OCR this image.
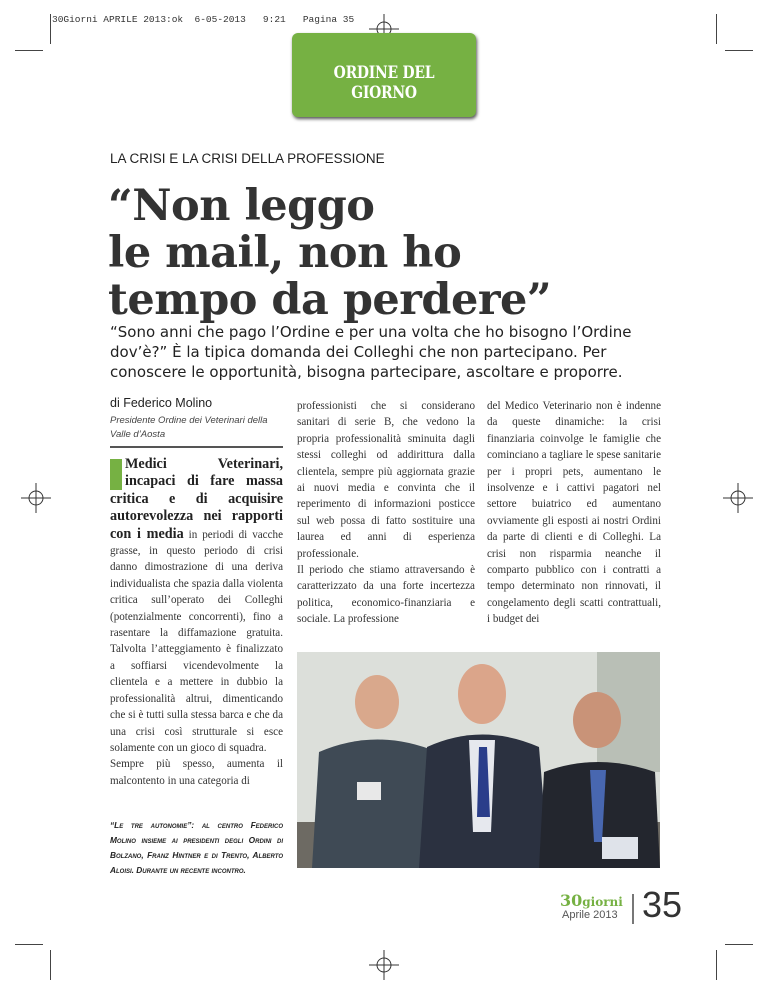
30Giorni APRILE 2013:ok  6-05-2013   9:21   Pagina 35
ORDINE DEL GIORNO
LA CRISI E LA CRISI DELLA PROFESSIONE
“Non leggo
le mail, non ho
tempo da perdere”
“Sono anni che pago l’Ordine e per una volta che ho bisogno l’Ordine dov’è?” È la tipica domanda dei Colleghi che non partecipano. Per conoscere le opportunità, bisogna partecipare, ascoltare e proporre.
di Federico Molino
Presidente Ordine dei Veterinari della Valle d’Aosta

Medici Veterinari, incapaci di fare massa critica e di acquisire autorevolezza nei rapporti con i media in periodi di vacche grasse, in questo periodo di crisi danno dimostrazione di una deriva individualista che spazia dalla violenta critica sull’operato dei Colleghi (potenzialmente concorrenti), fino a rasentare la diffamazione gratuita. Talvolta l’atteggiamento è finalizzato a soffiarsi vicendevolmente la clientela e a mettere in dubbio la professionalità altrui, dimenticando che si è tutti sulla stessa barca e che da una crisi così strutturale si esce solamente con un gioco di squadra.

Sempre più spesso, aumenta il malcontento in una categoria di

professionisti che si considerano sanitari di serie B, che vedono la propria professionalità sminuita dagli stessi colleghi od addirittura dalla clientela, sempre più aggiornata grazie ai nuovi media e convinta che il reperimento di informazioni posticce sul web possa di fatto sostituire una laurea ed anni di esperienza professionale.

Il periodo che stiamo attraversando è caratterizzato da una forte incertezza politica, economico-finanziaria e sociale. La professione

del Medico Veterinario non è indenne da queste dinamiche: la crisi finanziaria coinvolge le famiglie che cominciano a tagliare le spese sanitarie per i propri pets, aumentano le insolvenze e i cattivi pagatori nel settore buiatrico ed aumentano ovviamente gli esposti ai nostri Ordini da parte di clienti e di Colleghi. La crisi non risparmia neanche il comparto pubblico con i contratti a tempo determinato non rinnovati, il congelamento degli scatti contrattuali, i budget dei

“Le tre autonomie”: al centro Federico Molino insieme ai presidenti degli Ordini di Bolzano, Franz Hintner e di Trento, Alberto Aloisi. Durante un recente incontro.
30giorni
Aprile 2013 35
